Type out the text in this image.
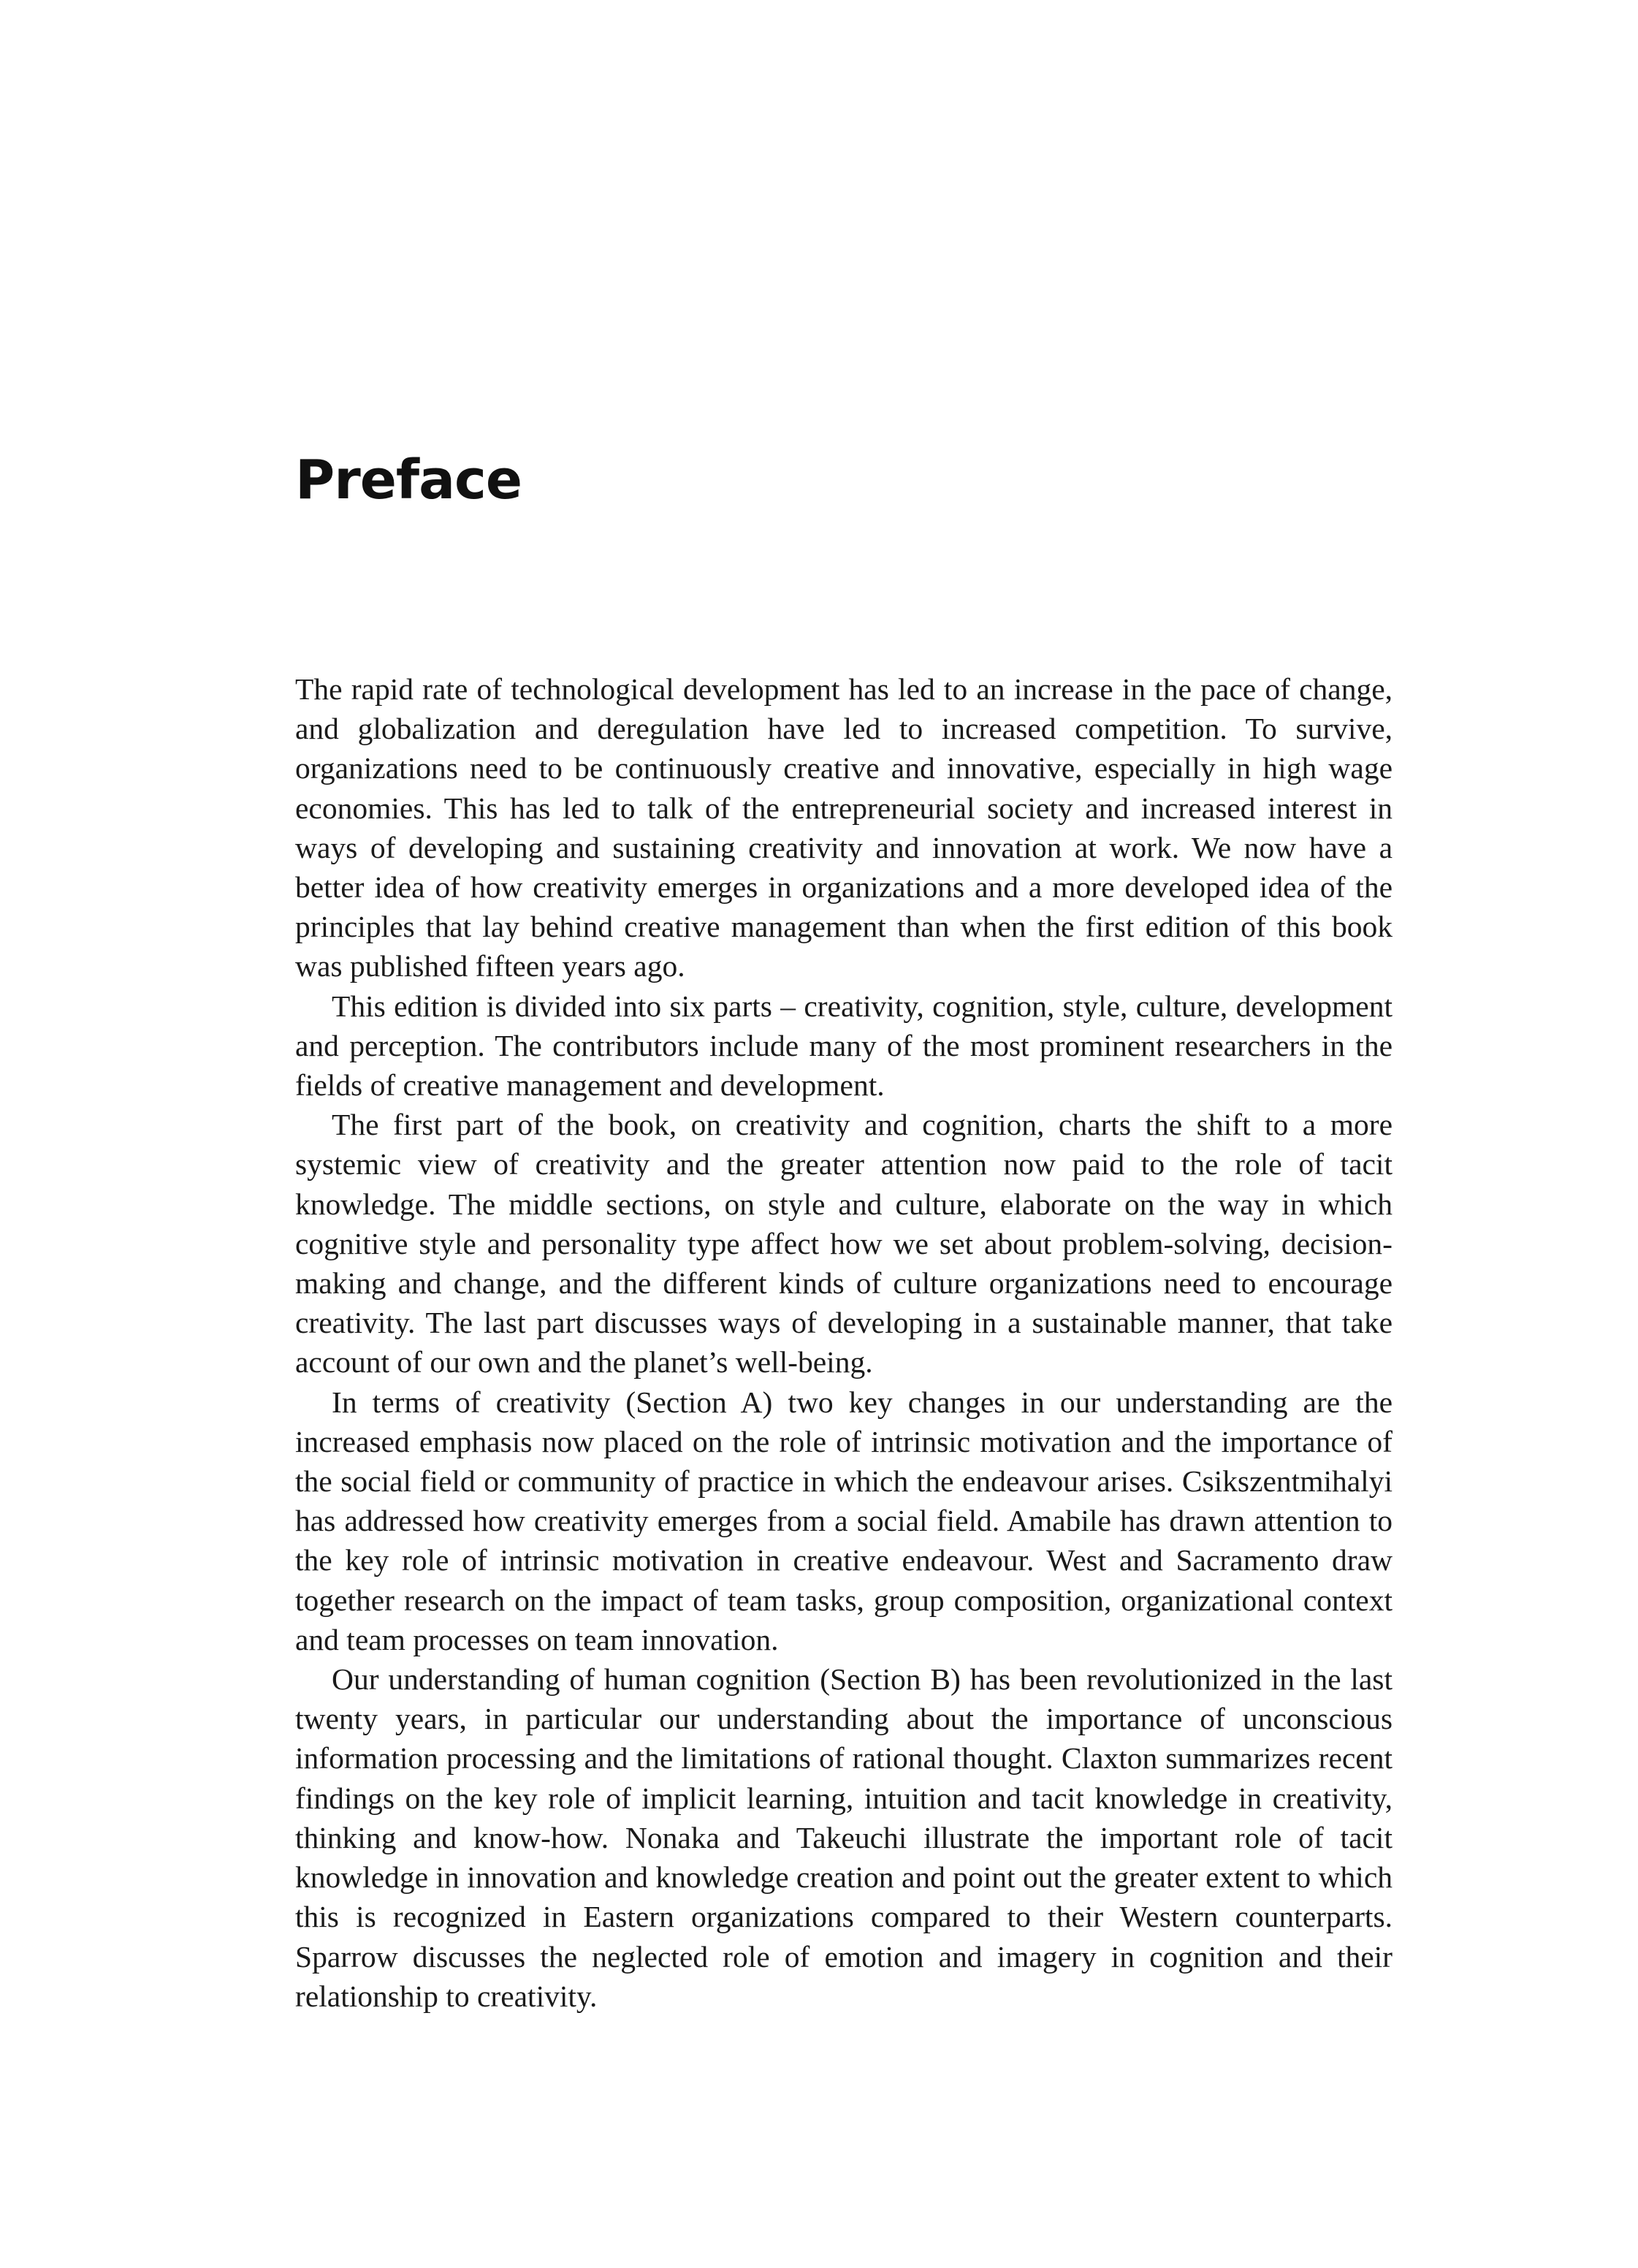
Preface

The rapid rate of technological development has led to an increase in the pace of change, and globalization and deregulation have led to increased competition. To survive, organizations need to be continuously creative and innovative, especially in high wage economies. This has led to talk of the entrepreneurial society and increased interest in ways of developing and sustaining creativity and innovation at work. We now have a better idea of how creativity emerges in organizations and a more developed idea of the principles that lay behind creative management than when the first edition of this book was published fifteen years ago.

This edition is divided into six parts – creativity, cognition, style, culture, development and perception. The contributors include many of the most prominent researchers in the fields of creative management and development.

The first part of the book, on creativity and cognition, charts the shift to a more systemic view of creativity and the greater attention now paid to the role of tacit knowledge. The middle sections, on style and culture, elaborate on the way in which cognitive style and personality type affect how we set about problem-solving, decision-making and change, and the different kinds of culture organizations need to encourage creativity. The last part discusses ways of developing in a sustainable manner, that take account of our own and the planet’s well-being.

In terms of creativity (Section A) two key changes in our understanding are the increased emphasis now placed on the role of intrinsic motivation and the importance of the social field or community of practice in which the endeavour arises. Csikszentmihalyi has addressed how creativity emerges from a social field. Amabile has drawn attention to the key role of intrinsic motivation in creative endeavour. West and Sacramento draw together research on the impact of team tasks, group composition, organizational context and team processes on team innovation.

Our understanding of human cognition (Section B) has been revolutionized in the last twenty years, in particular our understanding about the importance of unconscious information processing and the limitations of rational thought. Claxton summarizes recent findings on the key role of implicit learning, intuition and tacit knowledge in creativity, thinking and know-how. Nonaka and Takeuchi illustrate the important role of tacit knowledge in innovation and knowledge creation and point out the greater extent to which this is recognized in Eastern organizations compared to their Western counterparts. Sparrow discusses the neglected role of emotion and imagery in cognition and their relationship to creativity.
